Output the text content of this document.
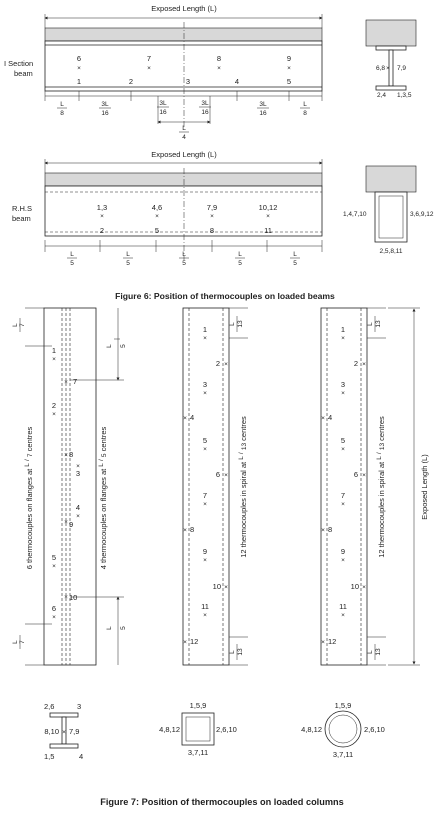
Exposed Length (L)
I Section
beam
6
×
7
×
8
×
9
×
1	2	3	4	5
L
8
3L
16
3L
16
3L
16
3L
16
L
8
L
4
6,8 × 7,9
2,4 1,3,5
Exposed Length (L)
R.H.S
beam
1,3
×
4,6
×
7,9
×
10,12
×
2	5	8	11
L
5
L
5
L
5
L
5
L
5
1,4,7,10	3,6,9,12
2,5,8,11
Figure 6: Position of thermocouples on loaded beams
L 7
L 7
1
×
2
×
3
×
4
×
5
×
6
×
× 7
× 8
× 9
× 10
L 5
L 5
6 thermocouples on flanges at L / 7 centres
4 thermocouples on flanges at L / 5 centres
L 13
L 13
1
×
2 ×
3
×
× 4
5
×
6 ×
7
×
× 8
9
×
10 ×
11
×
× 12
12 thermocouples in spiral at L / 13 centres
L 13
L 13
1
×
2 ×
3
×
× 4
5
×
6 ×
7
×
× 8
9
×
10 ×
11
×
× 12
12 thermocouples in spiral at L / 13 centres
Exposed Length (L)
2,6	3
8,10 × 7,9
1,5	4
1,5,9
4,8,12	2,6,10
3,7,11
1,5,9
4,8,12	2,6,10
3,7,11
Figure 7: Position of thermocouples on loaded columns
